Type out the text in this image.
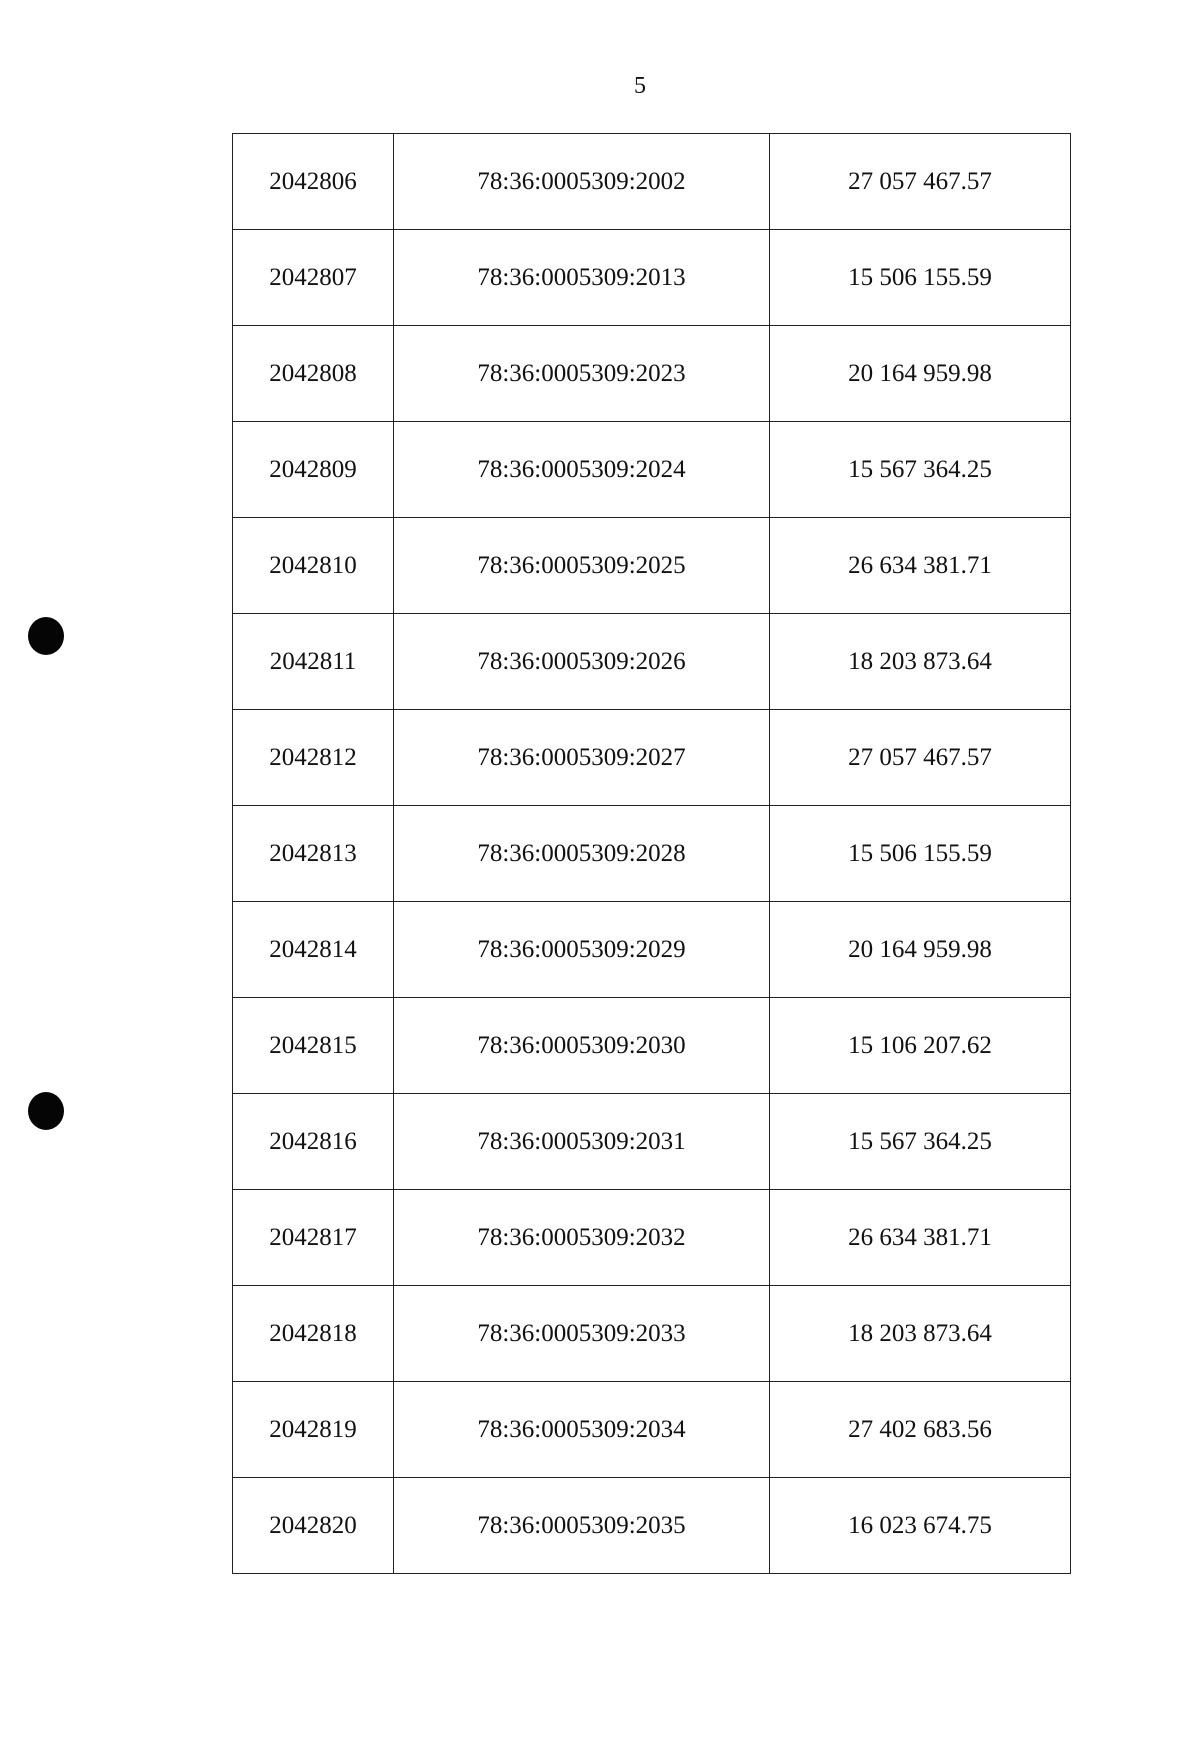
5
2042806	78:36:0005309:2002	27 057 467.57
2042807	78:36:0005309:2013	15 506 155.59
2042808	78:36:0005309:2023	20 164 959.98
2042809	78:36:0005309:2024	15 567 364.25
2042810	78:36:0005309:2025	26 634 381.71
2042811	78:36:0005309:2026	18 203 873.64
2042812	78:36:0005309:2027	27 057 467.57
2042813	78:36:0005309:2028	15 506 155.59
2042814	78:36:0005309:2029	20 164 959.98
2042815	78:36:0005309:2030	15 106 207.62
2042816	78:36:0005309:2031	15 567 364.25
2042817	78:36:0005309:2032	26 634 381.71
2042818	78:36:0005309:2033	18 203 873.64
2042819	78:36:0005309:2034	27 402 683.56
2042820	78:36:0005309:2035	16 023 674.75
